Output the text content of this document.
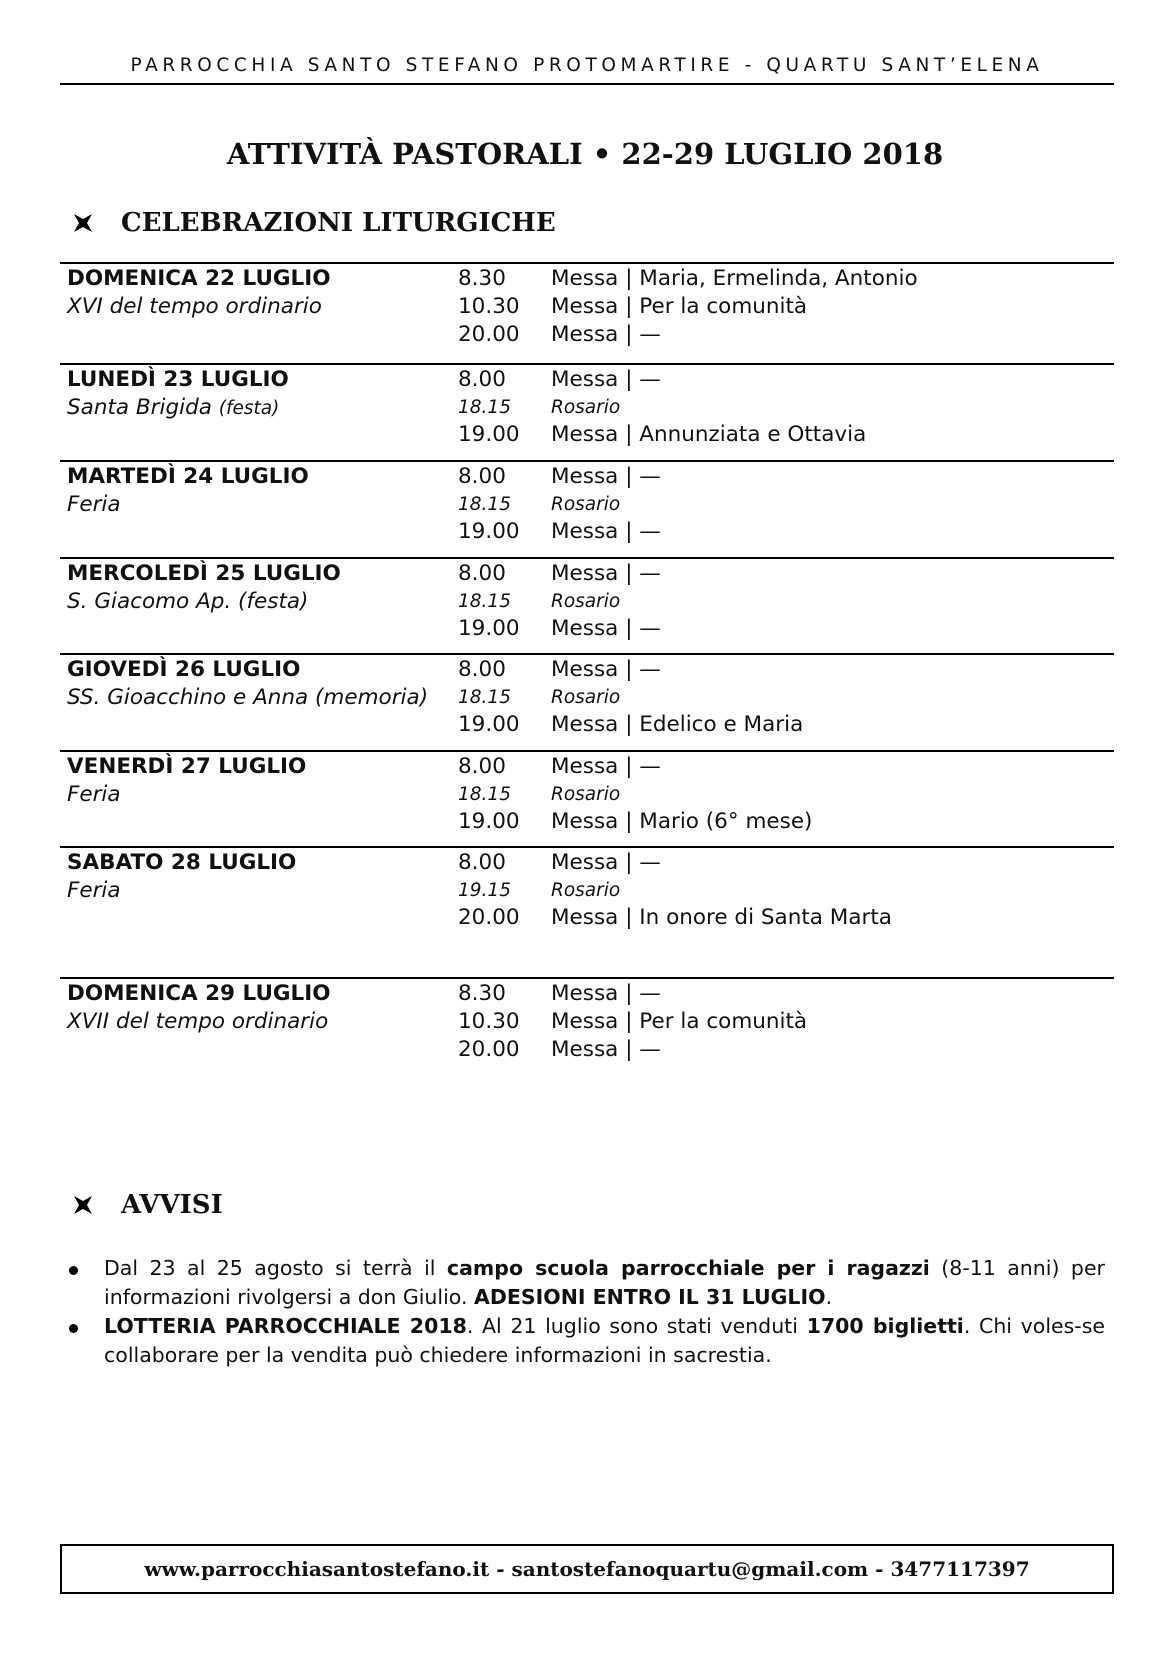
PARROCCHIA SANTO STEFANO PROTOMARTIRE - QUARTU SANT’ELENA
ATTIVITÀ PASTORALI • 22-29 LUGLIO 2018
CELEBRAZIONI LITURGICHE
DOMENICA 22 LUGLIO
XVI del tempo ordinario
8.30 Messa | Maria, Ermelinda, Antonio
10.30 Messa | Per la comunità
20.00 Messa | —
LUNEDÌ 23 LUGLIO
Santa Brigida (festa)
8.00 Messa | —
18.15 Rosario
19.00 Messa | Annunziata e Ottavia
MARTEDÌ 24 LUGLIO
Feria
8.00 Messa | —
18.15 Rosario
19.00 Messa | —
MERCOLEDÌ 25 LUGLIO
S. Giacomo Ap. (festa)
8.00 Messa | —
18.15 Rosario
19.00 Messa | —
GIOVEDÌ 26 LUGLIO
SS. Gioacchino e Anna (memoria)
8.00 Messa | —
18.15 Rosario
19.00 Messa | Edelico e Maria
VENERDÌ 27 LUGLIO
Feria
8.00 Messa | —
18.15 Rosario
19.00 Messa | Mario (6° mese)
SABATO 28 LUGLIO
Feria
8.00 Messa | —
19.15 Rosario
20.00 Messa | In onore di Santa Marta
DOMENICA 29 LUGLIO
XVII del tempo ordinario
8.30 Messa | —
10.30 Messa | Per la comunità
20.00 Messa | —
AVVISI
Dal 23 al 25 agosto si terrà il campo scuola parrocchiale per i ragazzi (8-11 anni) per informazioni rivolgersi a don Giulio. ADESIONI ENTRO IL 31 LUGLIO.
LOTTERIA PARROCCHIALE 2018. Al 21 luglio sono stati venduti 1700 biglietti. Chi voles-se collaborare per la vendita può chiedere informazioni in sacrestia.
www.parrocchiasantostefano.it - santostefanoquartu@gmail.com - 3477117397
